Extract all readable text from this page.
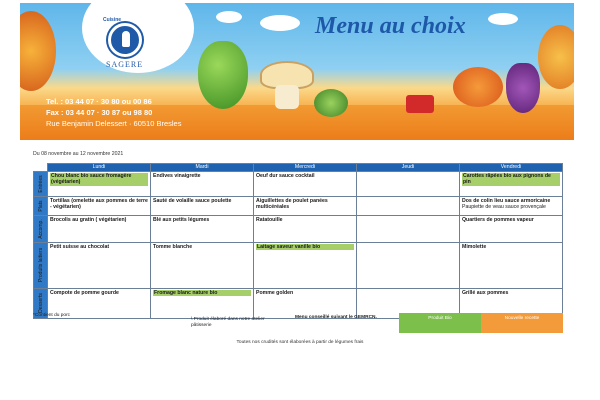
Cuisine
SAGERE
Menu au choix
Tel. : 03 44 07 · 30 80 ou 00 86
Fax : 03 44 07 · 30 87 ou 98 80
Rue Benjamin Delessert · 60510 Bresles
Du 08 novembre au 12 novembre 2021
	Lundi	Mardi	Mercredi	Jeudi	Vendredi

Entrées	Chou blanc bio sauce fromagère (végétarien)	Endives vinaigrette	Oeuf dur sauce cocktail		Carottes râpées bio aux pignons de pin

Plats	Tortillas (omelette aux pommes de terre - végétarien)	Sauté de volaille sauce poulette	Aiguillettes de poulet panées multicéréales		Dos de colin lieu sauce armoricaine
Paupiette de veau sauce provençale

Accomp.	Brocolis au gratin ( végétarien)	Blé aux petits légumes	Ratatouille		Quartiers de pommes vapeur

Produits laitiers	Petit suisse au chocolat	Tomme blanche	Laitage saveur vanille bio		Mimolette

Desserts	Compote de pomme gourde	Fromage blanc nature bio	Pomme golden		Grillé aux pommes
*Contient du porc
\ Produit élaboré dans notre atelier
pâtisserie
Menu conseillé suivant le GEMRCN.	Produit Bio	Nouvelle recette
Toutes nos crudités sont élaborées à partir de légumes frais
